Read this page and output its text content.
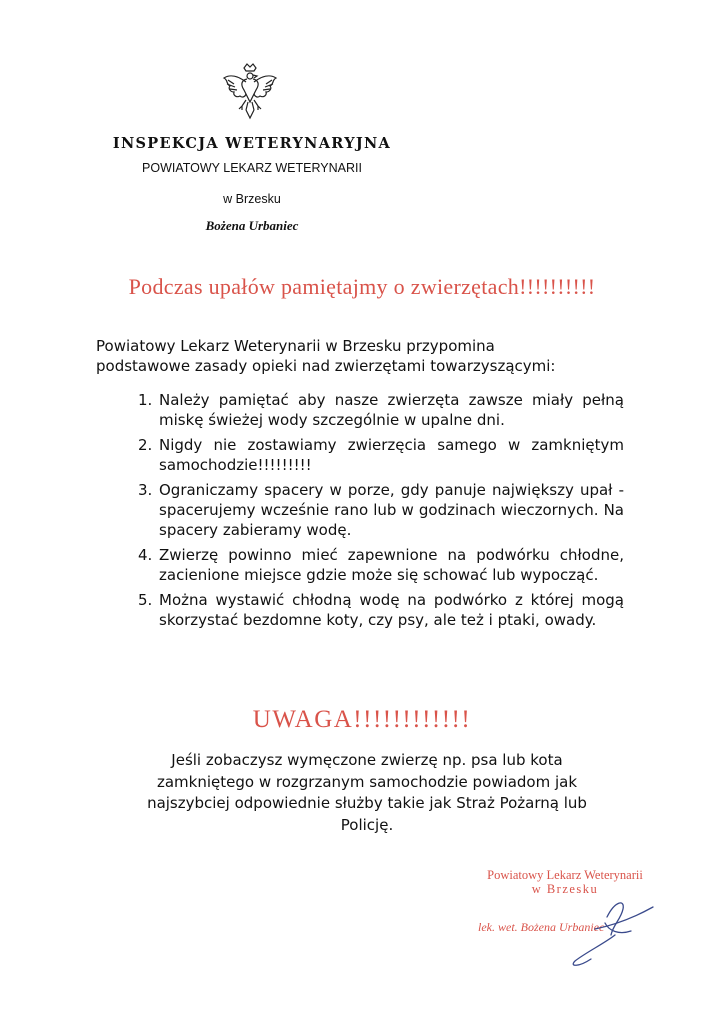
INSPEKCJA WETERYNARYJNA
POWIATOWY LEKARZ WETERYNARII
w Brzesku
Bożena Urbaniec
Podczas upałów pamiętajmy o zwierzętach!!!!!!!!!!
Powiatowy Lekarz Weterynarii w Brzesku przypomina
podstawowe zasady opieki nad zwierzętami towarzyszącymi:
1. Należy pamiętać aby nasze zwierzęta zawsze miały pełną miskę świeżej wody szczególnie w upalne dni.
2. Nigdy nie zostawiamy zwierzęcia samego w zamkniętym samochodzie!!!!!!!!!
3. Ograniczamy spacery w porze, gdy panuje największy upał - spacerujemy wcześnie rano lub w godzinach wieczornych. Na spacery zabieramy wodę.
4. Zwierzę powinno mieć zapewnione na podwórku chłodne, zacienione miejsce gdzie może się schować lub wypocząć.
5. Można wystawić chłodną wodę na podwórko z której mogą skorzystać bezdomne koty, czy psy, ale też i ptaki, owady.
UWAGA!!!!!!!!!!!!
Jeśli zobaczysz wymęczone zwierzę np. psa lub kota
zamkniętego w rozgrzanym samochodzie powiadom jak
najszybciej odpowiednie służby takie jak Straż Pożarną lub
Policję.
Powiatowy Lekarz Weterynarii
w Brzesku
lek. wet. Bożena Urbaniec
